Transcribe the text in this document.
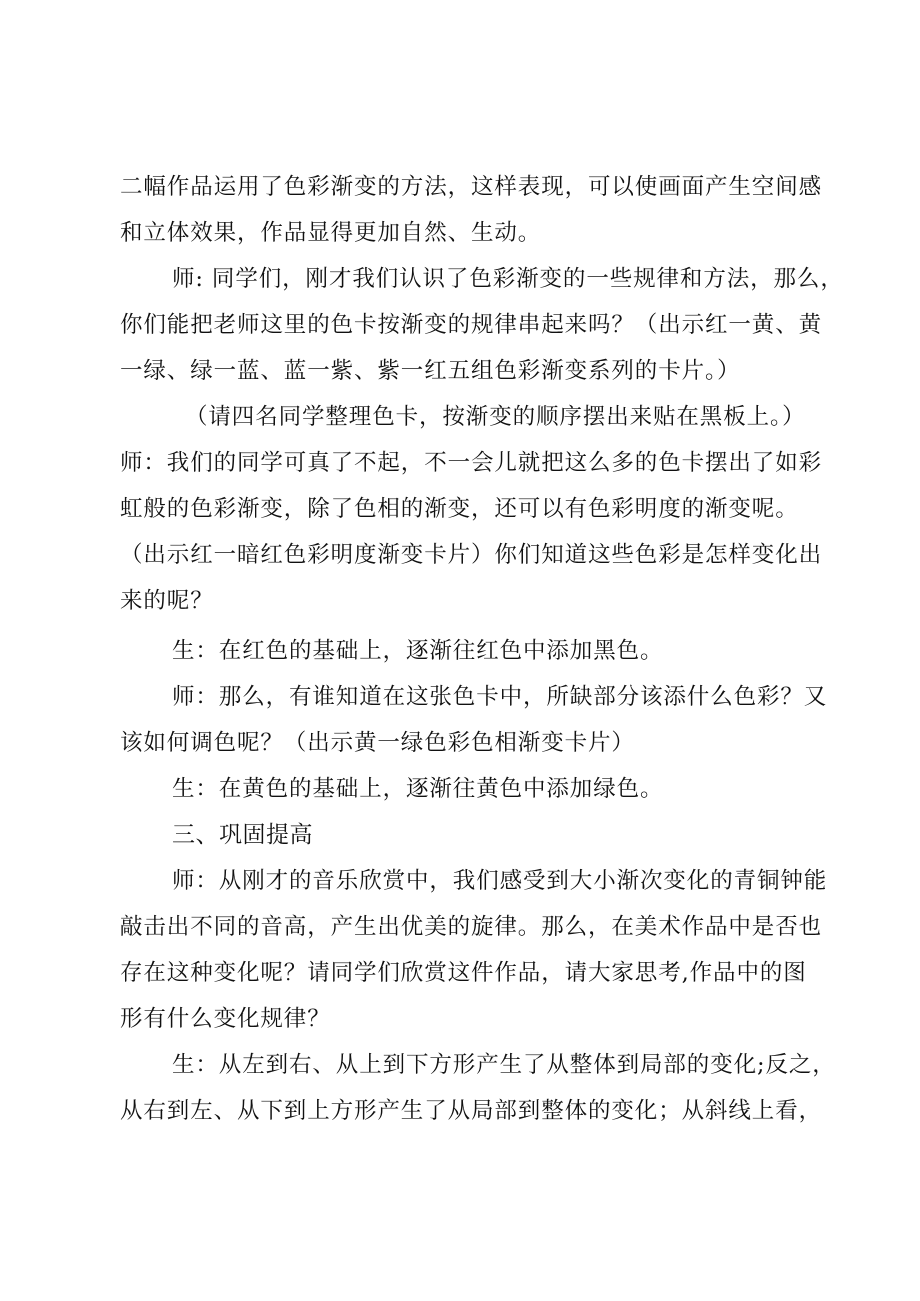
二幅作品运用了色彩渐变的方法，这样表现，可以使画面产生空间感
和立体效果，作品显得更加自然、生动。
师: 同学们，刚才我们认识了色彩渐变的一些规律和方法，那么，
你们能把老师这里的色卡按渐变的规律串起来吗？（出示红一黄、黄
一绿、绿一蓝、蓝一紫、紫一红五组色彩渐变系列的卡片。）
（请四名同学整理色卡，按渐变的顺序摆出来贴在黑板上。）
师：我们的同学可真了不起，不一会儿就把这么多的色卡摆出了如彩
虹般的色彩渐变，除了色相的渐变，还可以有色彩明度的渐变呢。
（出示红一暗红色彩明度渐变卡片）你们知道这些色彩是怎样变化出
来的呢？
生：在红色的基础上，逐渐往红色中添加黑色。
师：那么，有谁知道在这张色卡中，所缺部分该添什么色彩？又
该如何调色呢？（出示黄一绿色彩色相渐变卡片）
生：在黄色的基础上，逐渐往黄色中添加绿色。
三、巩固提高
师：从刚才的音乐欣赏中，我们感受到大小渐次变化的青铜钟能
敲击出不同的音高，产生出优美的旋律。那么，在美术作品中是否也
存在这种变化呢？请同学们欣赏这件作品，请大家思考,作品中的图
形有什么变化规律？
生：从左到右、从上到下方形产生了从整体到局部的变化;反之，
从右到左、从下到上方形产生了从局部到整体的变化；从斜线上看，
